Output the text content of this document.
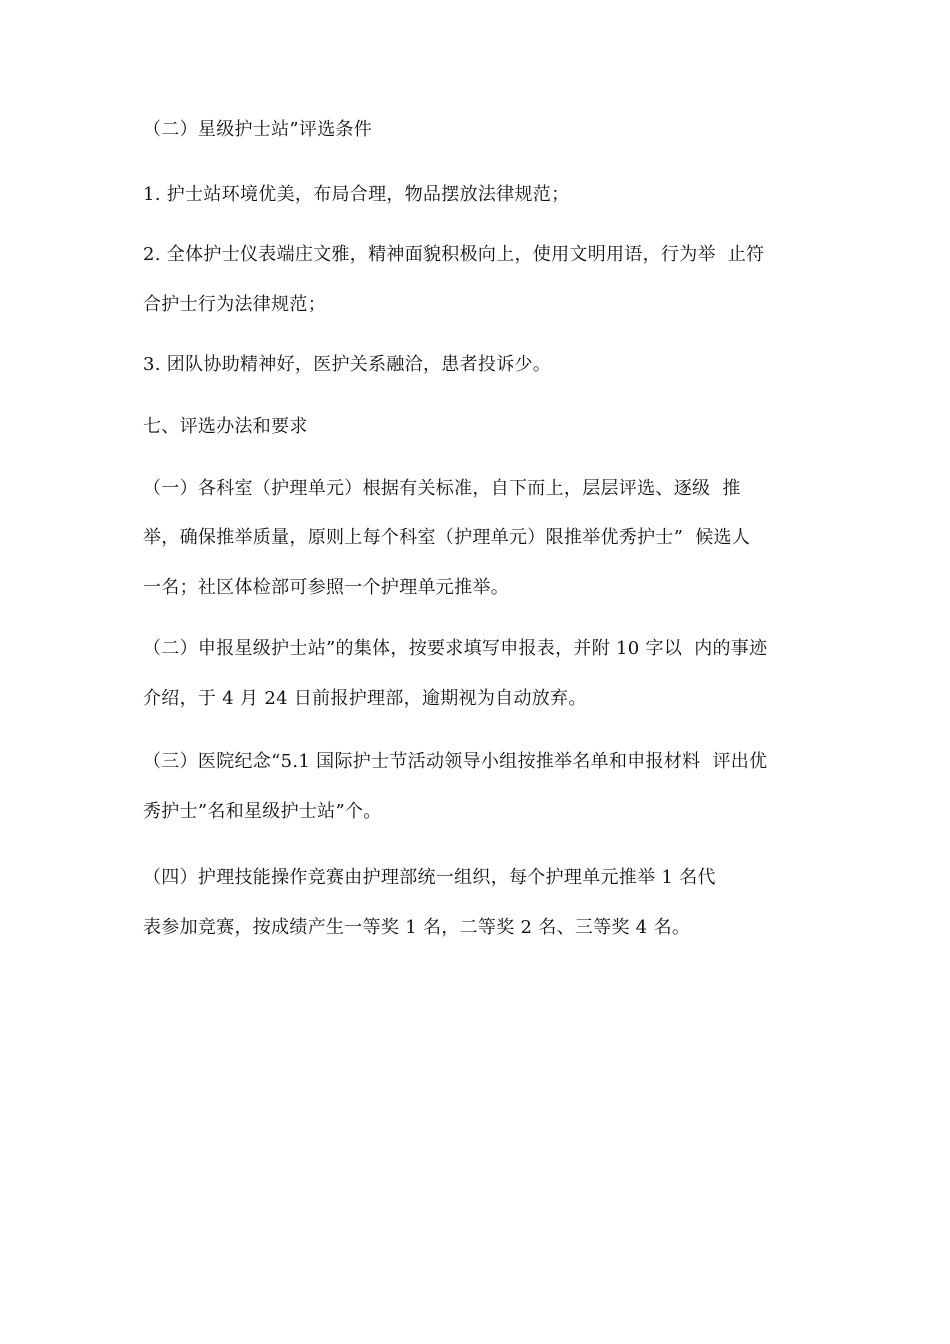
（二）星级护士站”评选条件
1. 护士站环境优美，布局合理，物品摆放法律规范；
2. 全体护士仪表端庄文雅，精神面貌积极向上，使用文明用语，行为举  止符
合护士行为法律规范；
3. 团队协助精神好，医护关系融洽，患者投诉少。
七、评选办法和要求
（一）各科室（护理单元）根据有关标准，自下而上，层层评选、逐级  推
举，确保推举质量，原则上每个科室（护理单元）限推举优秀护士”  候选人
一名；社区体检部可参照一个护理单元推举。
（二）申报星级护士站”的集体，按要求填写申报表，并附 10 字以  内的事迹
介绍，于 4 月 24 日前报护理部，逾期视为自动放弃。
（三）医院纪念“5.1 国际护士节活动领导小组按推举名单和申报材料  评出优
秀护士”名和星级护士站”个。
（四）护理技能操作竞赛由护理部统一组织，每个护理单元推举 1 名代
表参加竞赛，按成绩产生一等奖 1 名，二等奖 2 名、三等奖 4 名。
